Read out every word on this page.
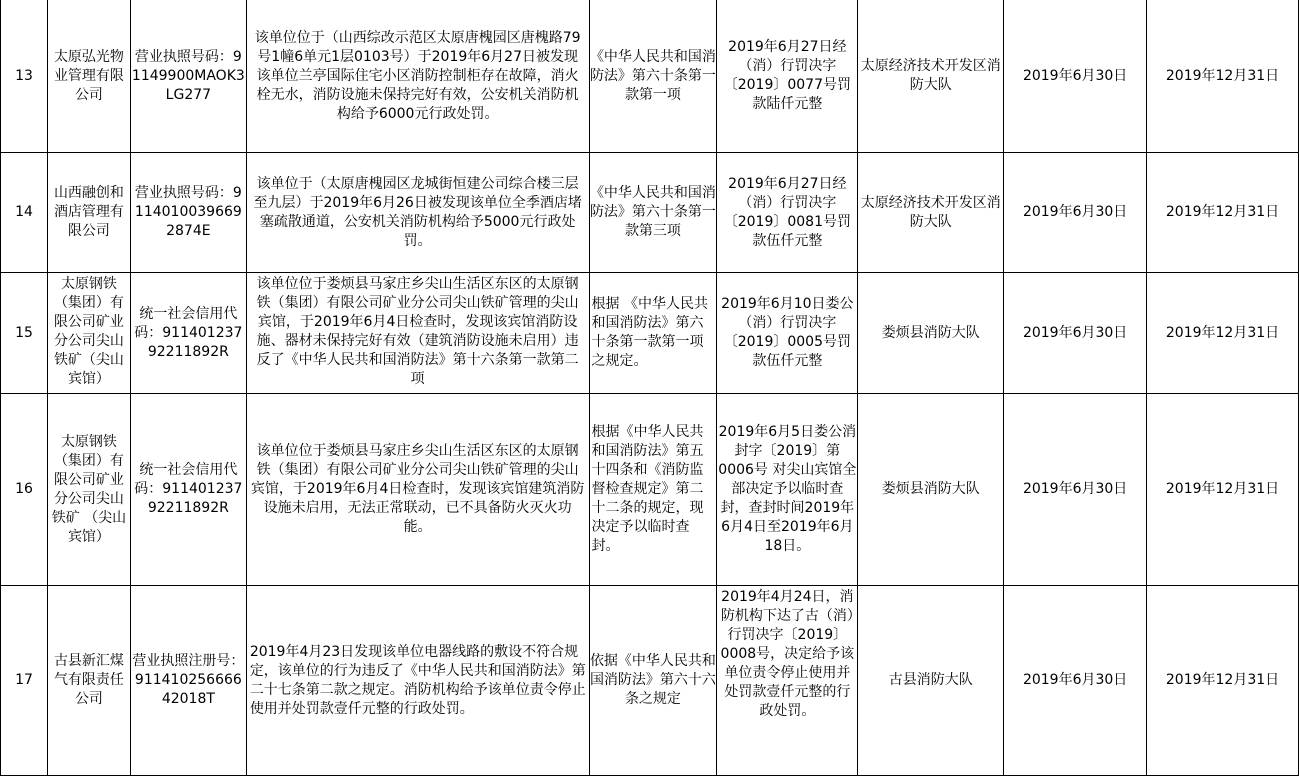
13	太原弘光物业管理有限公司	营业执照号码：91149900MAOK3LG277	该单位位于（山西综改示范区太原唐槐园区唐槐路79号1幢6单元1层0103号）于2019年6月27日被发现该单位兰亭国际住宅小区消防控制柜存在故障，消火栓无水，消防设施未保持完好有效，公安机关消防机构给予6000元行政处罚。	《中华人民共和国消防法》第六十条第一款第一项	2019年6月27日经（消）行罚决字〔2019〕0077号罚款陆仟元整	太原经济技术开发区消防大队	2019年6月30日	2019年12月31日
14	山西融创和酒店管理有限公司	营业执照号码：91140100396692874E	该单位于（太原唐槐园区龙城街恒建公司综合楼三层至九层）于2019年6月26日被发现该单位全季酒店堵塞疏散通道，公安机关消防机构给予5000元行政处罚。	《中华人民共和国消防法》第六十条第一款第三项	2019年6月27日经（消）行罚决字〔2019〕0081号罚款伍仟元整	太原经济技术开发区消防大队	2019年6月30日	2019年12月31日
15	太原钢铁（集团）有限公司矿业分公司尖山铁矿（尖山宾馆）	统一社会信用代码：91140123792211892R	该单位位于娄烦县马家庄乡尖山生活区东区的太原钢铁（集团）有限公司矿业分公司尖山铁矿管理的尖山宾馆，于2019年6月4日检查时，发现该宾馆消防设施、器材未保持完好有效（建筑消防设施未启用）违反了《中华人民共和国消防法》第十六条第一款第二项	根据 《中华人民共和国消防法》第六十条第一款第一项之规定。	2019年6月10日娄公（消）行罚决字〔2019〕0005号罚款伍仟元整	娄烦县消防大队	2019年6月30日	2019年12月31日
16	太原钢铁（集团）有限公司矿业分公司尖山铁矿 （尖山宾馆）	统一社会信用代码：91140123792211892R	该单位位于娄烦县马家庄乡尖山生活区东区的太原钢铁（集团）有限公司矿业分公司尖山铁矿管理的尖山宾馆，于2019年6月4日检查时，发现该宾馆建筑消防设施未启用，无法正常联动，已不具备防火灭火功能。	根据《中华人民共和国消防法》第五十四条和《消防监督检查规定》第二十二条的规定，现决定予以临时查封。	2019年6月5日娄公消封字〔2019〕第0006号 对尖山宾馆全部决定予以临时查封，查封时间2019年6月4日至2019年6月18日。	娄烦县消防大队	2019年6月30日	2019年12月31日
17	古县新汇煤气有限责任公司	营业执照注册号：91141025666642018T	2019年4月23日发现该单位电器线路的敷设不符合规定，该单位的行为违反了《中华人民共和国消防法》第二十七条第二款之规定。消防机构给予该单位责令停止使用并处罚款壹仟元整的行政处罚。	依据《中华人民共和国消防法》第六十六条之规定	2019年4月24日，消防机构下达了古（消）行罚决字〔2019〕0008号，决定给予该单位责令停止使用并处罚款壹仟元整的行政处罚。	古县消防大队	2019年6月30日	2019年12月31日
